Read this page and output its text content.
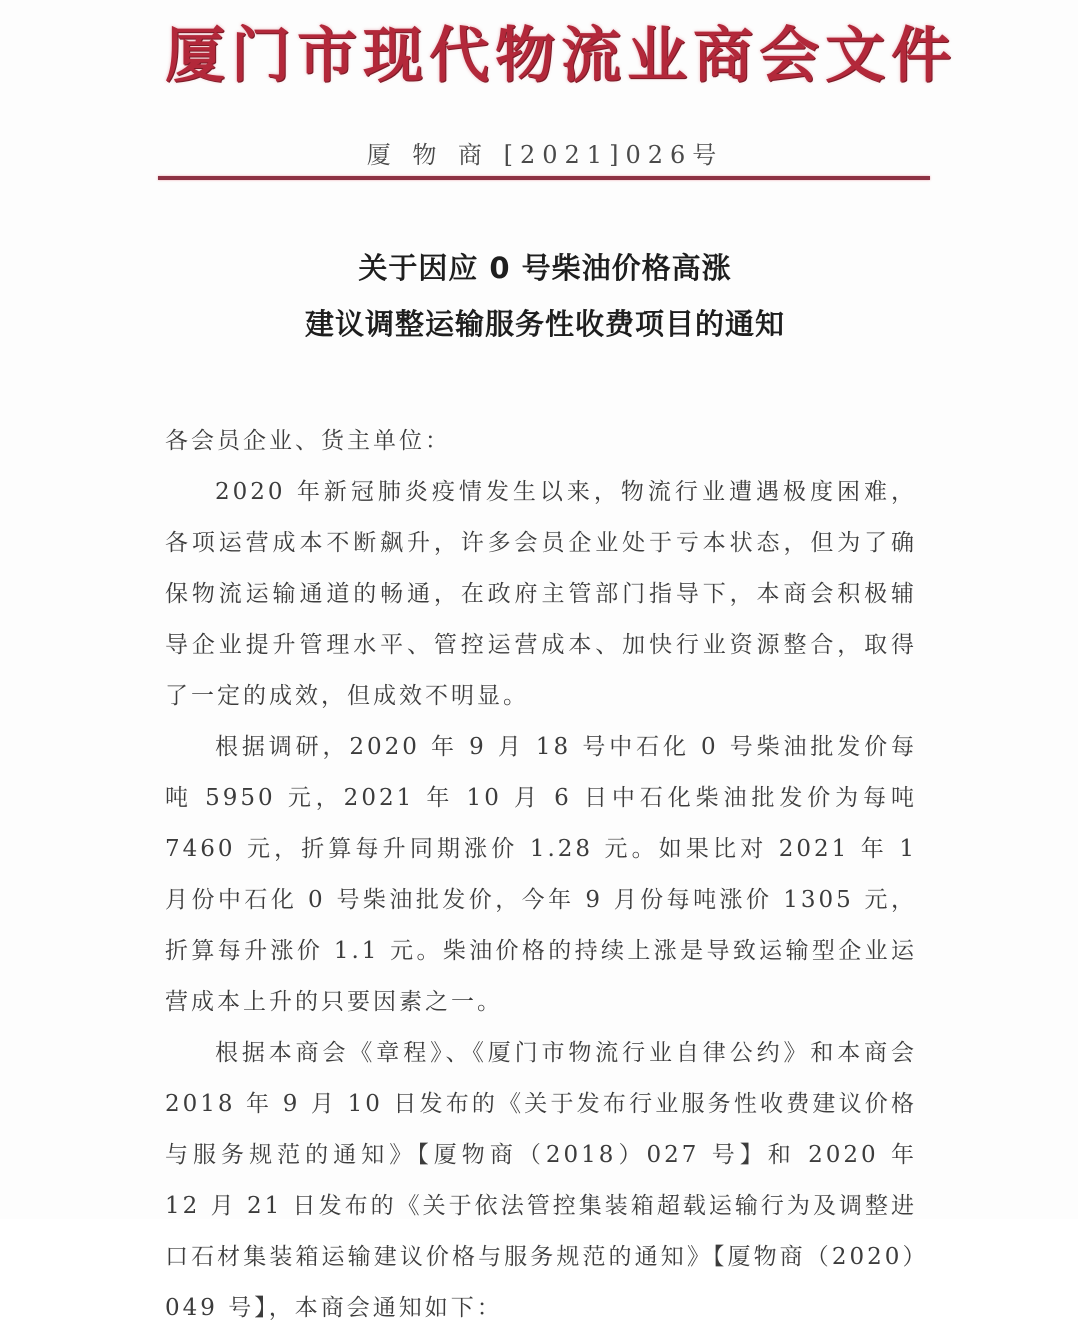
厦门市现代物流业商会文件
厦 物 商 [2021]026号
关于因应 0 号柴油价格高涨
建议调整运输服务性收费项目的通知

各会员企业、货主单位：

2020 年新冠肺炎疫情发生以来，物流行业遭遇极度困难，各项运营成本不断飙升，许多会员企业处于亏本状态，但为了确保物流运输通道的畅通，在政府主管部门指导下，本商会积极辅导企业提升管理水平、管控运营成本、加快行业资源整合，取得了一定的成效，但成效不明显。

根据调研，2020 年 9 月 18 号中石化 0 号柴油批发价每吨 5950 元，2021 年 10 月 6 日中石化柴油批发价为每吨 7460 元，折算每升同期涨价 1.28 元。如果比对 2021 年 1 月份中石化 0 号柴油批发价，今年 9 月份每吨涨价 1305 元，折算每升涨价 1.1 元。柴油价格的持续上涨是导致运输型企业运营成本上升的只要因素之一。

根据本商会《章程》、《厦门市物流行业自律公约》和本商会 2018 年 9 月 10 日发布的《关于发布行业服务性收费建议价格与服务规范的通知》【厦物商（2018）027 号】和 2020 年 12 月 21 日发布的《关于依法管控集装箱超载运输行为及调整进口石材集装箱运输建议价格与服务规范的通知》【厦物商（2020）049 号】，本商会通知如下：
